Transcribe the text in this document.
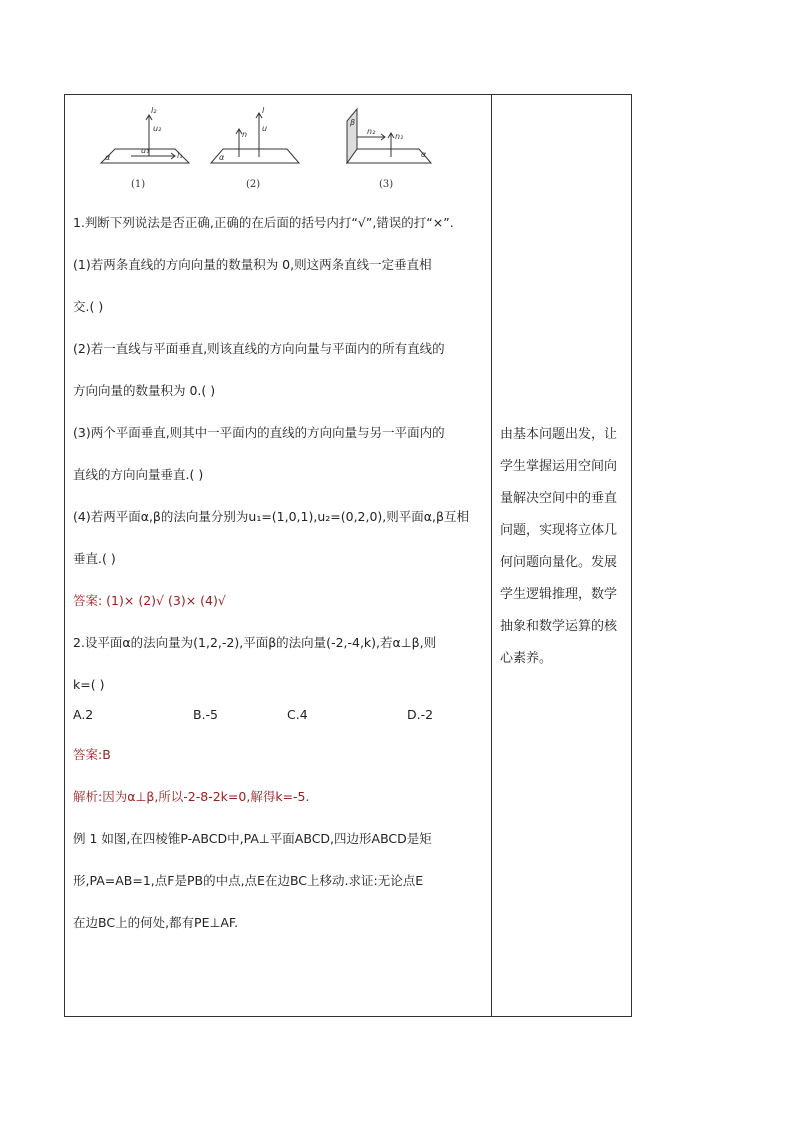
l₂
u₂
u₁
l₁
α
l
u
n
α
β
n₂
n₁
α
(1)	(2)	(3)
1.判断下列说法是否正确,正确的在后面的括号内打“√”,错误的打“×”.
(1)若两条直线的方向向量的数量积为 0,则这两条直线一定垂直相
交.( )
(2)若一直线与平面垂直,则该直线的方向向量与平面内的所有直线的
方向向量的数量积为 0.( )
(3)两个平面垂直,则其中一平面内的直线的方向向量与另一平面内的
直线的方向向量垂直.( )
(4)若两平面α,β的法向量分别为u₁=(1,0,1),u₂=(0,2,0),则平面α,β互相
垂直.( )
答案: (1)× (2)√ (3)× (4)√
2.设平面α的法向量为(1,2,-2),平面β的法向量(-2,-4,k),若α⊥β,则
k=( )
A.2	B.-5	C.4	D.-2
答案:B
解析:因为α⊥β,所以-2-8-2k=0,解得k=-5.
例 1 如图,在四棱锥P-ABCD中,PA⊥平面ABCD,四边形ABCD是矩
形,PA=AB=1,点F是PB的中点,点E在边BC上移动.求证:无论点E
在边BC上的何处,都有PE⊥AF.
由基本问题出发，让学生掌握运用空间向量解决空间中的垂直问题，实现将立体几何问题向量化。发展学生逻辑推理，数学抽象和数学运算的核心素养。
